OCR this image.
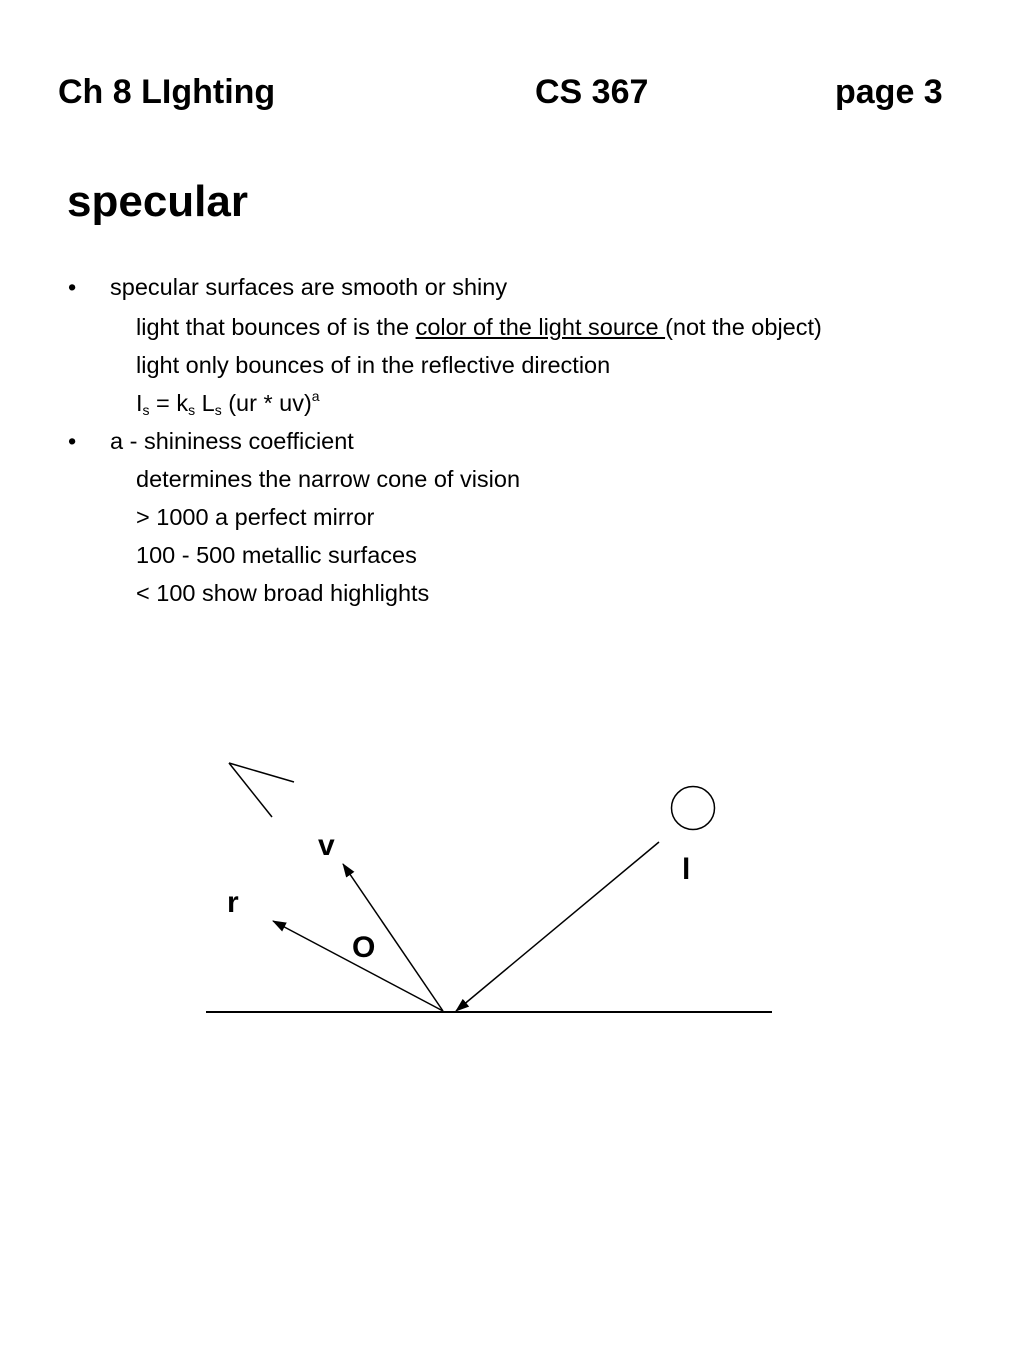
Ch 8 LIghting	CS 367	page 3
specular
• specular surfaces are smooth or shiny
light that bounces of is the color of the light source (not the object)
light only bounces of in the reflective direction
$I_s = k_s$ $L_s$ (ur * uv)$^a$
• a - shininess coefficient
determines the narrow cone of vision
> 1000 a perfect mirror
100 - 500 metallic surfaces
< 100 show broad highlights
v
r
l
O
